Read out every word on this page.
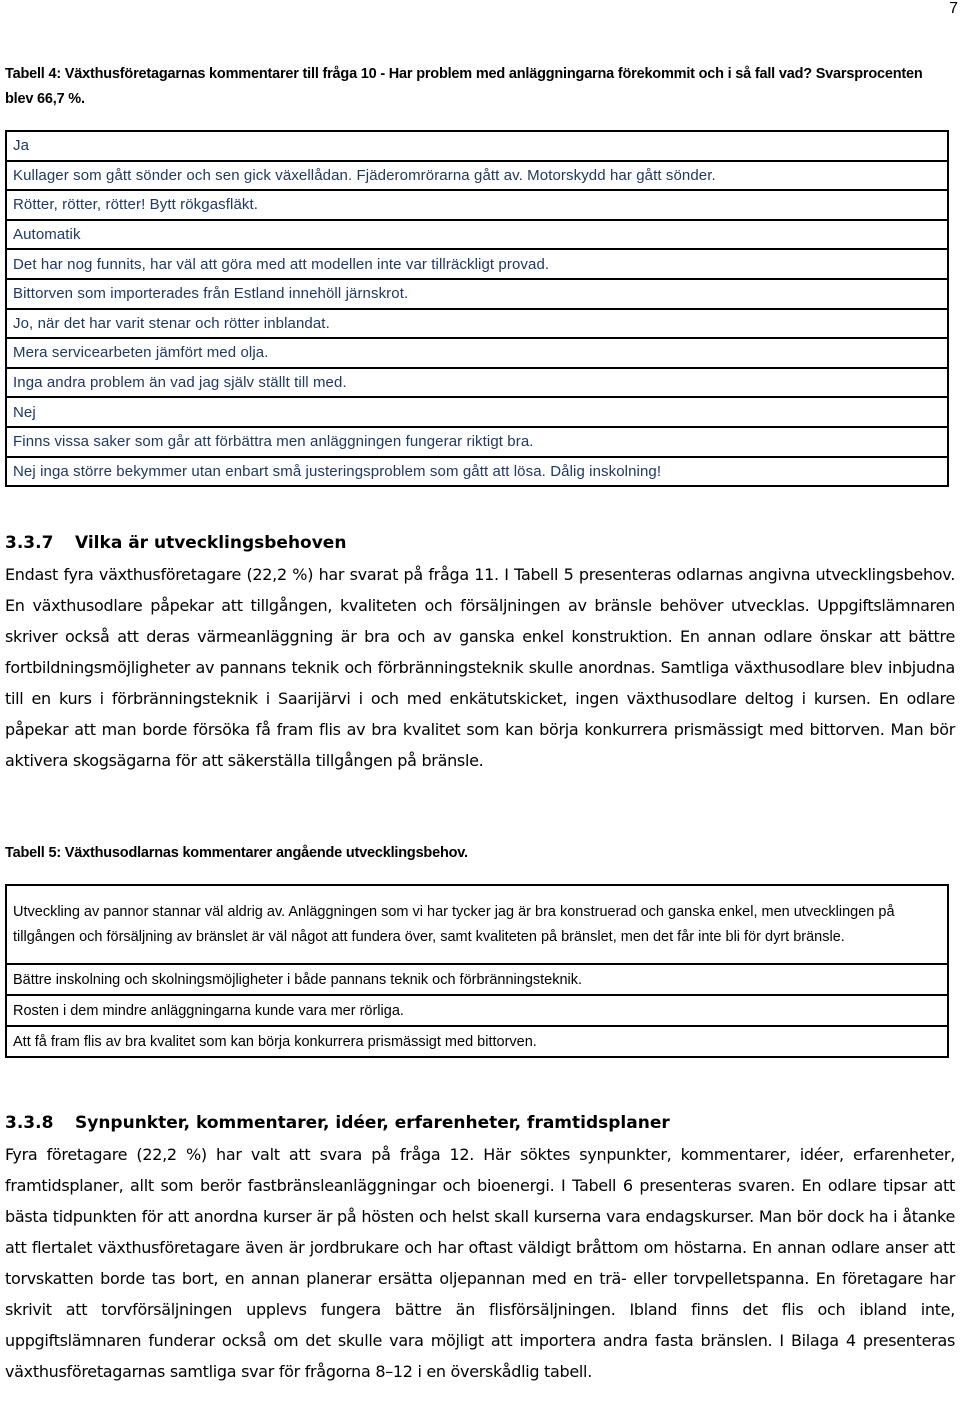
7
Tabell 4: Växthusföretagarnas kommentarer till fråga 10 - Har problem med anläggningarna förekommit och i så fall vad? Svarsprocenten blev 66,7 %.
Ja
Kullager som gått sönder och sen gick växellådan. Fjäderomrörarna gått av. Motorskydd har gått sönder.
Rötter, rötter, rötter! Bytt rökgasfläkt.
Automatik
Det har nog funnits, har väl att göra med att modellen inte var tillräckligt provad.
Bittorven som importerades från Estland innehöll järnskrot.
Jo, när det har varit stenar och rötter inblandat.
Mera servicearbeten jämfört med olja.
Inga andra problem än vad jag själv ställt till med.
Nej
Finns vissa saker som går att förbättra men anläggningen fungerar riktigt bra.
Nej inga större bekymmer utan enbart små justeringsproblem som gått att lösa. Dålig inskolning!
3.3.7 Vilka är utvecklingsbehoven

Endast fyra växthusföretagare (22,2 %) har svarat på fråga 11. I Tabell 5 presenteras odlarnas angivna utvecklingsbehov. En växthusodlare påpekar att tillgången, kvaliteten och försäljningen av bränsle behöver utvecklas. Uppgiftslämnaren skriver också att deras värmeanläggning är bra och av ganska enkel konstruktion. En annan odlare önskar att bättre fortbildningsmöjligheter av pannans teknik och förbränningsteknik skulle anordnas. Samtliga växthusodlare blev inbjudna till en kurs i förbränningsteknik i Saarijärvi i och med enkätutskicket, ingen växthusodlare deltog i kursen. En odlare påpekar att man borde försöka få fram flis av bra kvalitet som kan börja konkurrera prismässigt med bittorven. Man bör aktivera skogsägarna för att säkerställa tillgången på bränsle.

Tabell 5: Växthusodlarnas kommentarer angående utvecklingsbehov.
Utveckling av pannor stannar väl aldrig av. Anläggningen som vi har tycker jag är bra konstruerad och ganska enkel, men utvecklingen på tillgången och försäljning av bränslet är väl något att fundera över, samt kvaliteten på bränslet, men det får inte bli för dyrt bränsle.
Bättre inskolning och skolningsmöjligheter i både pannans teknik och förbränningsteknik.
Rosten i dem mindre anläggningarna kunde vara mer rörliga.
Att få fram flis av bra kvalitet som kan börja konkurrera prismässigt med bittorven.
3.3.8 Synpunkter, kommentarer, idéer, erfarenheter, framtidsplaner

Fyra företagare (22,2 %) har valt att svara på fråga 12. Här söktes synpunkter, kommentarer, idéer, erfarenheter, framtidsplaner, allt som berör fastbränsleanläggningar och bioenergi. I Tabell 6 presenteras svaren. En odlare tipsar att bästa tidpunkten för att anordna kurser är på hösten och helst skall kurserna vara endagskurser. Man bör dock ha i åtanke att flertalet växthusföretagare även är jordbrukare och har oftast väldigt bråttom om höstarna. En annan odlare anser att torvskatten borde tas bort, en annan planerar ersätta oljepannan med en trä- eller torvpelletspanna. En företagare har skrivit att torvförsäljningen upplevs fungera bättre än flisförsäljningen. Ibland finns det flis och ibland inte, uppgiftslämnaren funderar också om det skulle vara möjligt att importera andra fasta bränslen. I Bilaga 4 presenteras växthusföretagarnas samtliga svar för frågorna 8–12 i en överskådlig tabell.
